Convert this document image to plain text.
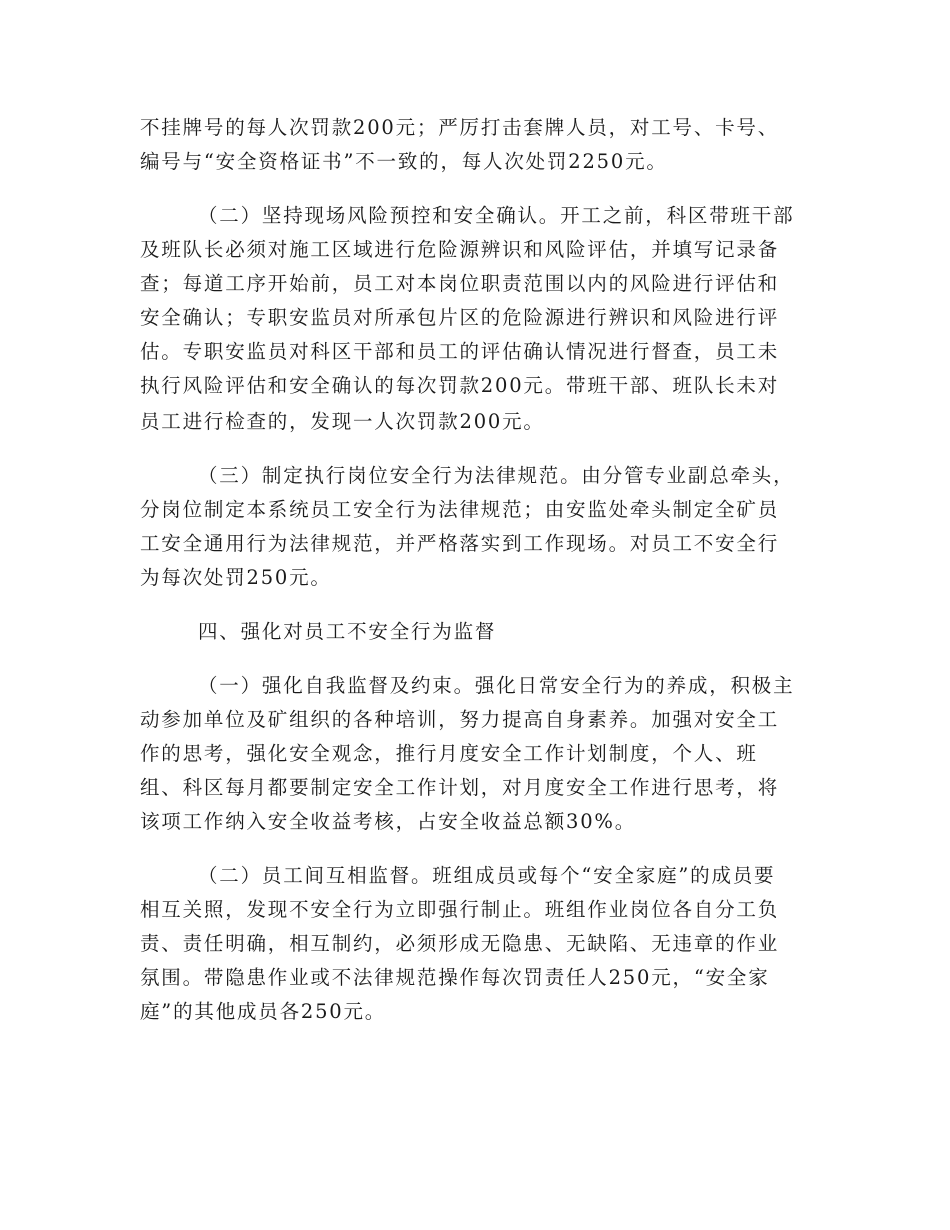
不挂牌号的每人次罚款200元；严厉打击套牌人员，对工号、卡号、
编号与“安全资格证书”不一致的，每人次处罚2250元。
（二）坚持现场风险预控和安全确认。开工之前，科区带班干部
及班队长必须对施工区域进行危险源辨识和风险评估，并填写记录备
查；每道工序开始前，员工对本岗位职责范围以内的风险进行评估和
安全确认；专职安监员对所承包片区的危险源进行辨识和风险进行评
估。专职安监员对科区干部和员工的评估确认情况进行督查，员工未
执行风险评估和安全确认的每次罚款200元。带班干部、班队长未对
员工进行检查的，发现一人次罚款200元。
（三）制定执行岗位安全行为法律规范。由分管专业副总牵头，
分岗位制定本系统员工安全行为法律规范；由安监处牵头制定全矿员
工安全通用行为法律规范，并严格落实到工作现场。对员工不安全行
为每次处罚250元。
四、强化对员工不安全行为监督
（一）强化自我监督及约束。强化日常安全行为的养成，积极主
动参加单位及矿组织的各种培训，努力提高自身素养。加强对安全工
作的思考，强化安全观念，推行月度安全工作计划制度，个人、班
组、科区每月都要制定安全工作计划，对月度安全工作进行思考，将
该项工作纳入安全收益考核，占安全收益总额30%。
（二）员工间互相监督。班组成员或每个“安全家庭”的成员要
相互关照，发现不安全行为立即强行制止。班组作业岗位各自分工负
责、责任明确，相互制约，必须形成无隐患、无缺陷、无违章的作业
氛围。带隐患作业或不法律规范操作每次罚责任人250元，“安全家
庭”的其他成员各250元。
